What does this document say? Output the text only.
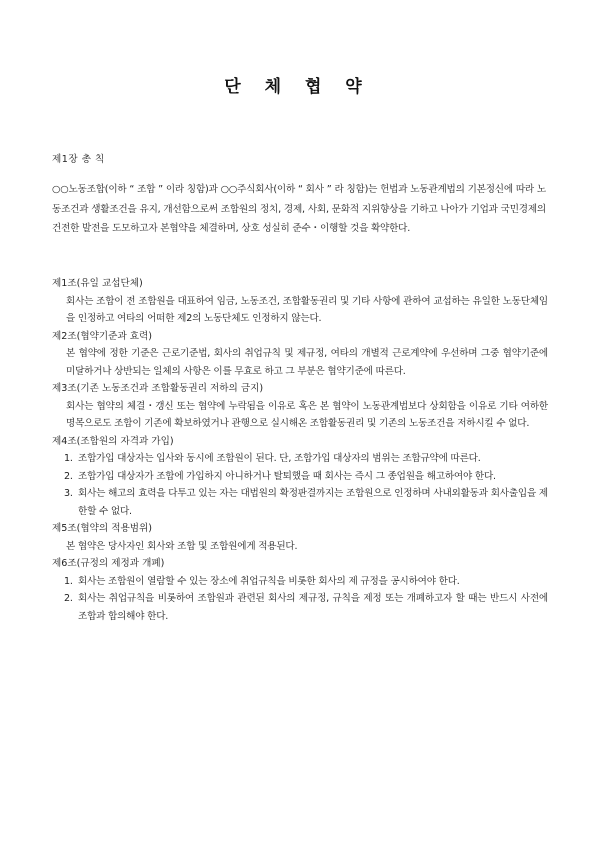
단 체 협 약
제1장 총 칙
○○노동조합(이하 “ 조합 ” 이라 칭함)과 ○○주식회사(이하 “ 회사 ” 라 칭함)는 헌법과 노동관계법의 기본정신에 따라 노동조건과 생활조건을 유지, 개선함으로써 조합원의 정치, 경제, 사회, 문화적 지위향상을 기하고 나아가 기업과 국민경제의 건전한 발전을 도모하고자 본협약을 체결하며, 상호 성실히 준수・이행할 것을 확약한다.
제1조(유일 교섭단체)
회사는 조합이 전 조합원을 대표하여 임금, 노동조건, 조합활동권리 및 기타 사항에 관하여 교섭하는 유일한 노동단체임을 인정하고 여타의 어떠한 제2의 노동단체도 인정하지 않는다.
제2조(협약기준과 효력)
본 협약에 정한 기준은 근로기준법, 회사의 취업규칙 및 제규정, 여타의 개별적 근로계약에 우선하며 그중 협약기준에 미달하거나 상반되는 일체의 사항은 이를 무효로 하고 그 부분은 협약기준에 따른다.
제3조(기존 노동조건과 조합활동권리 저하의 금지)
회사는 협약의 체결・갱신 또는 협약에 누락됨을 이유로 혹은 본 협약이 노동관계법보다 상회함을 이유로 기타 여하한 명목으로도 조합이 기존에 확보하였거나 관행으로 실시해온 조합활동권리 및 기존의 노동조건을 저하시킬 수 없다.
제4조(조합원의 자격과 가입)
1. 조합가입 대상자는 입사와 동시에 조합원이 된다. 단, 조합가입 대상자의 범위는 조합규약에 따른다.
2. 조합가입 대상자가 조합에 가입하지 아니하거나 탈퇴했을 때 회사는 즉시 그 종업원을 해고하여야 한다.
3. 회사는 해고의 효력을 다투고 있는 자는 대법원의 확정판결까지는 조합원으로 인정하며 사내외활동과 회사출입을 제한할 수 없다.
제5조(협약의 적용범위)
본 협약은 당사자인 회사와 조합 및 조합원에게 적용된다.
제6조(규정의 제정과 개폐)
1. 회사는 조합원이 열람할 수 있는 장소에 취업규칙을 비롯한 회사의 제 규정을 공시하여야 한다.
2. 회사는 취업규칙을 비롯하여 조합원과 관련된 회사의 제규정, 규칙을 제정 또는 개폐하고자 할 때는 반드시 사전에 조합과 합의해야 한다.
